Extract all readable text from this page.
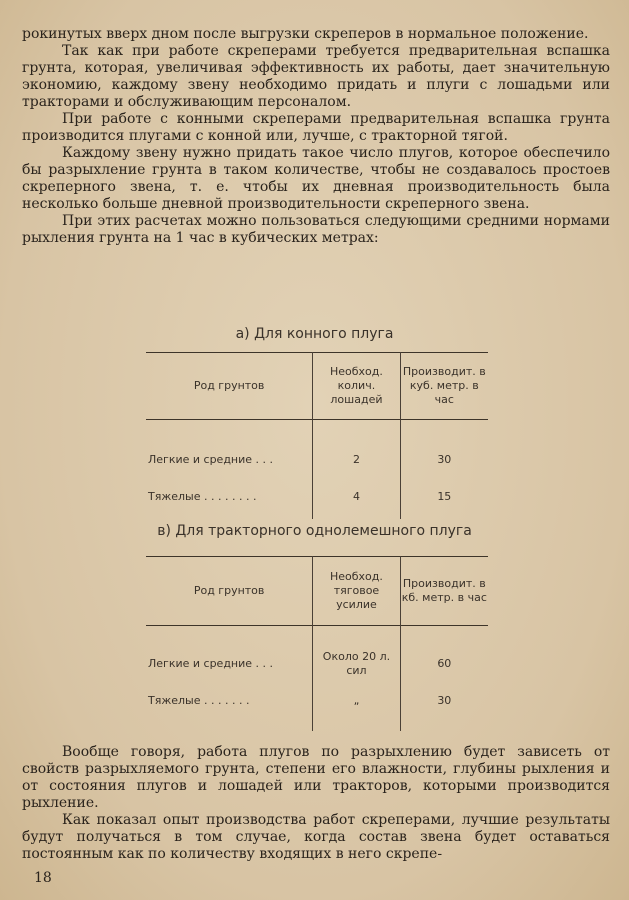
рокинутых вверх дном после выгрузки скреперов в нормальное положение.

Так как при работе скреперами требуется предварительная вспашка грунта, которая, увеличивая эффективность их работы, дает значительную экономию, каждому звену необходимо придать и плуги с лошадьми или тракторами и обслуживающим персоналом.

При работе с конными скреперами предварительная вспашка грунта производится плугами с конной или, лучше, с тракторной тягой.

Каждому звену нужно придать такое число плугов, которое обеспечило бы разрыхление грунта в таком количестве, чтобы не создавалось простоев скреперного звена, т. е. чтобы их дневная производительность была несколько больше дневной производительности скреперного звена.

При этих расчетах можно пользоваться следующими средними нормами рыхления грунта на 1 час в кубических метрах:

а) Для конного плуга
Род грунтов	Необход. колич. лошадей	Производит. в куб. метр. в час
Легкие и средние . . .	2	30
Тяжелые . . . . . . . .	4	15
в) Для тракторного однолемешного плуга
Род грунтов	Необход. тяговое усилие	Производит. в кб. метр. в час
Легкие и средние . . .	Около 20 л. сил	60
Тяжелые . . . . . . .	„	30

Вообще говоря, работа плугов по разрыхлению будет зависеть от свойств разрыхляемого грунта, степени его влажности, глубины рыхления и от состояния плугов и лошадей или тракторов, которыми производится рыхление.

Как показал опыт производства работ скреперами, лучшие результаты будут получаться в том случае, когда состав звена будет оставаться постоянным как по количеству входящих в него скрепе-

18
